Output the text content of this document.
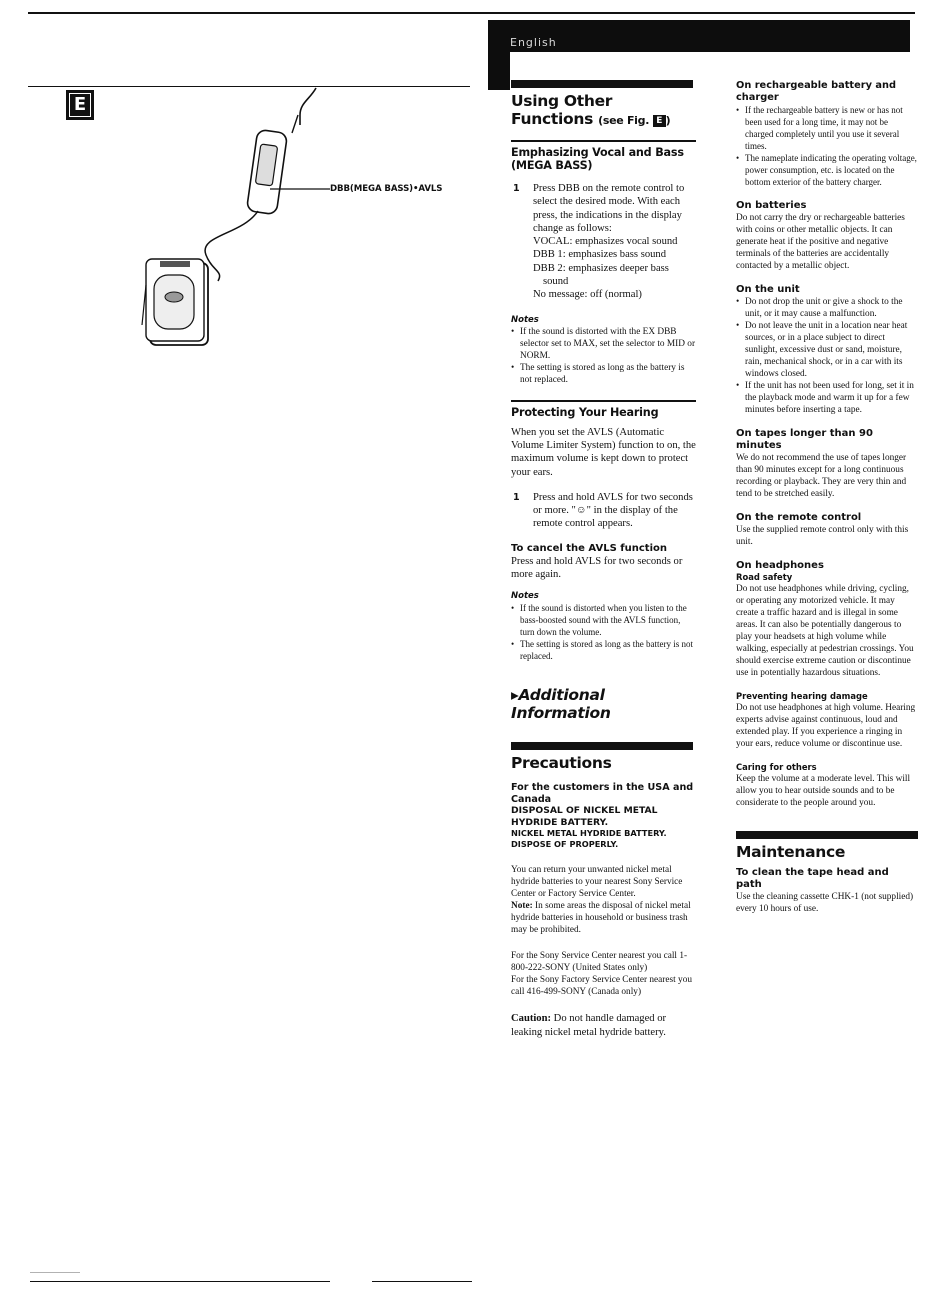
English
E
DBB(MEGA BASS)•AVLS
Using Other Functions (see Fig. E )
Emphasizing Vocal and Bass (MEGA BASS)
1 Press DBB on the remote control to select the desired mode. With each press, the indications in the display change as follows:

VOCAL: emphasizes vocal sound

DBB 1: emphasizes bass sound

DBB 2: emphasizes deeper bass sound

No message: off (normal)

Notes
• If the sound is distorted with the EX DBB selector set to MAX, set the selector to MID or NORM.
• The setting is stored as long as the battery is not replaced.
Protecting Your Hearing

When you set the AVLS (Automatic Volume Limiter System) function to on, the maximum volume is kept down to protect your ears.

1 Press and hold AVLS for two seconds or more. "☺" in the display of the remote control appears.

To cancel the AVLS function

Press and hold AVLS for two seconds or more again.

Notes
• If the sound is distorted when you listen to the bass-boosted sound with the AVLS function, turn down the volume.
• The setting is stored as long as the battery is not replaced.
▸Additional Information
Precautions
For the customers in the USA and Canada
DISPOSAL OF NICKEL METAL HYDRIDE BATTERY.
NICKEL METAL HYDRIDE BATTERY.
DISPOSE OF PROPERLY.

You can return your unwanted nickel metal hydride batteries to your nearest Sony Service Center or Factory Service Center.

Note: In some areas the disposal of nickel metal hydride batteries in household or business trash may be prohibited.

For the Sony Service Center nearest you call 1-800-222-SONY (United States only)

For the Sony Factory Service Center nearest you call 416-499-SONY (Canada only)

Caution: Do not handle damaged or leaking nickel metal hydride battery.

On rechargeable battery and charger
• If the rechargeable battery is new or has not been used for a long time, it may not be charged completely until you use it several times.
• The nameplate indicating the operating voltage, power consumption, etc. is located on the bottom exterior of the battery charger.
On batteries

Do not carry the dry or rechargeable batteries with coins or other metallic objects. It can generate heat if the positive and negative terminals of the batteries are accidentally contacted by a metallic object.

On the unit
• Do not drop the unit or give a shock to the unit, or it may cause a malfunction.
• Do not leave the unit in a location near heat sources, or in a place subject to direct sunlight, excessive dust or sand, moisture, rain, mechanical shock, or in a car with its windows closed.
• If the unit has not been used for long, set it in the playback mode and warm it up for a few minutes before inserting a tape.
On tapes longer than 90 minutes

We do not recommend the use of tapes longer than 90 minutes except for a long continuous recording or playback. They are very thin and tend to be stretched easily.

On the remote control

Use the supplied remote control only with this unit.

On headphones
Road safety

Do not use headphones while driving, cycling, or operating any motorized vehicle. It may create a traffic hazard and is illegal in some areas. It can also be potentially dangerous to play your headsets at high volume while walking, especially at pedestrian crossings. You should exercise extreme caution or discontinue use in potentially hazardous situations.

Preventing hearing damage

Do not use headphones at high volume. Hearing experts advise against continuous, loud and extended play. If you experience a ringing in your ears, reduce volume or discontinue use.

Caring for others

Keep the volume at a moderate level. This will allow you to hear outside sounds and to be considerate to the people around you.

Maintenance
To clean the tape head and path

Use the cleaning cassette CHK-1 (not supplied) every 10 hours of use.

. . . . . . . . . . . . . . . . . . . . . . . . .
